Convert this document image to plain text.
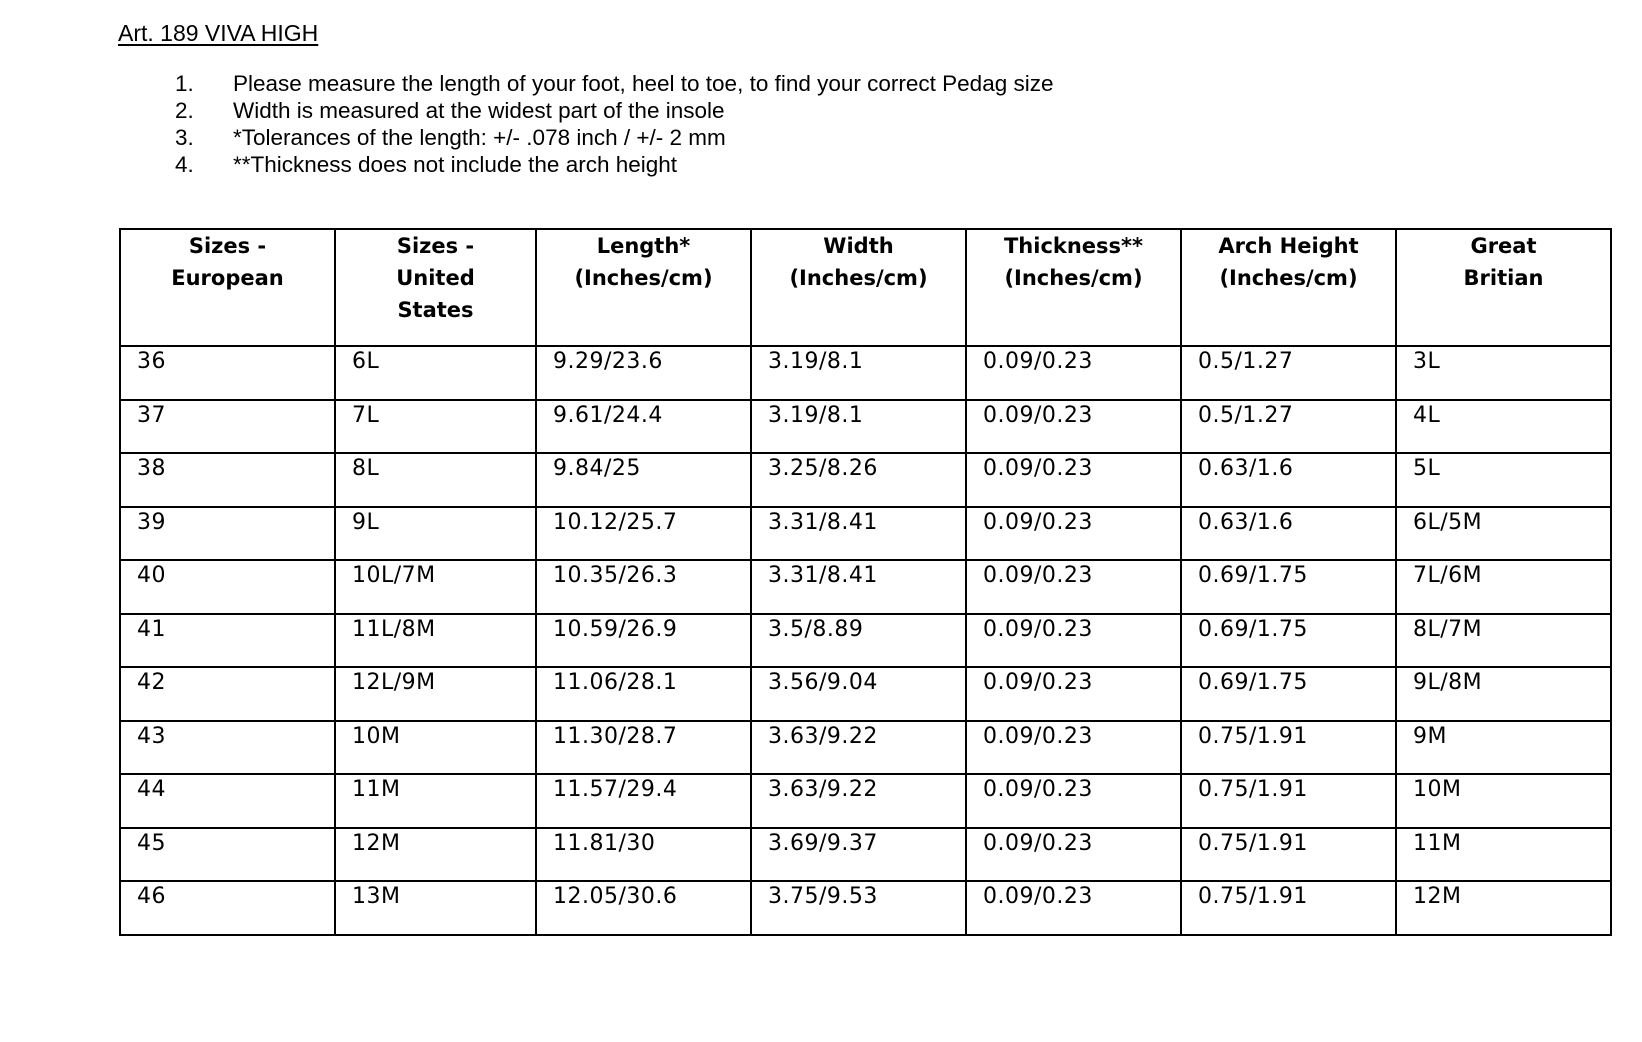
Art. 189 VIVA HIGH
1.	Please measure the length of your foot, heel to toe, to find your correct Pedag size
2.	Width is measured at the widest part of the insole
3.	*Tolerances of the length: +/- .078 inch / +/- 2 mm
4.	**Thickness does not include the arch height
Sizes -
European	Sizes -
United
States	Length*
(Inches/cm)	Width
(Inches/cm)	Thickness**
(Inches/cm)	Arch Height
(Inches/cm)	Great
Britian

36	6L	9.29/23.6	3.19/8.1	0.09/0.23	0.5/1.27	3L
37	7L	9.61/24.4	3.19/8.1	0.09/0.23	0.5/1.27	4L
38	8L	9.84/25	3.25/8.26	0.09/0.23	0.63/1.6	5L
39	9L	10.12/25.7	3.31/8.41	0.09/0.23	0.63/1.6	6L/5M
40	10L/7M	10.35/26.3	3.31/8.41	0.09/0.23	0.69/1.75	7L/6M
41	11L/8M	10.59/26.9	3.5/8.89	0.09/0.23	0.69/1.75	8L/7M
42	12L/9M	11.06/28.1	3.56/9.04	0.09/0.23	0.69/1.75	9L/8M
43	10M	11.30/28.7	3.63/9.22	0.09/0.23	0.75/1.91	9M
44	11M	11.57/29.4	3.63/9.22	0.09/0.23	0.75/1.91	10M
45	12M	11.81/30	3.69/9.37	0.09/0.23	0.75/1.91	11M
46	13M	12.05/30.6	3.75/9.53	0.09/0.23	0.75/1.91	12M
